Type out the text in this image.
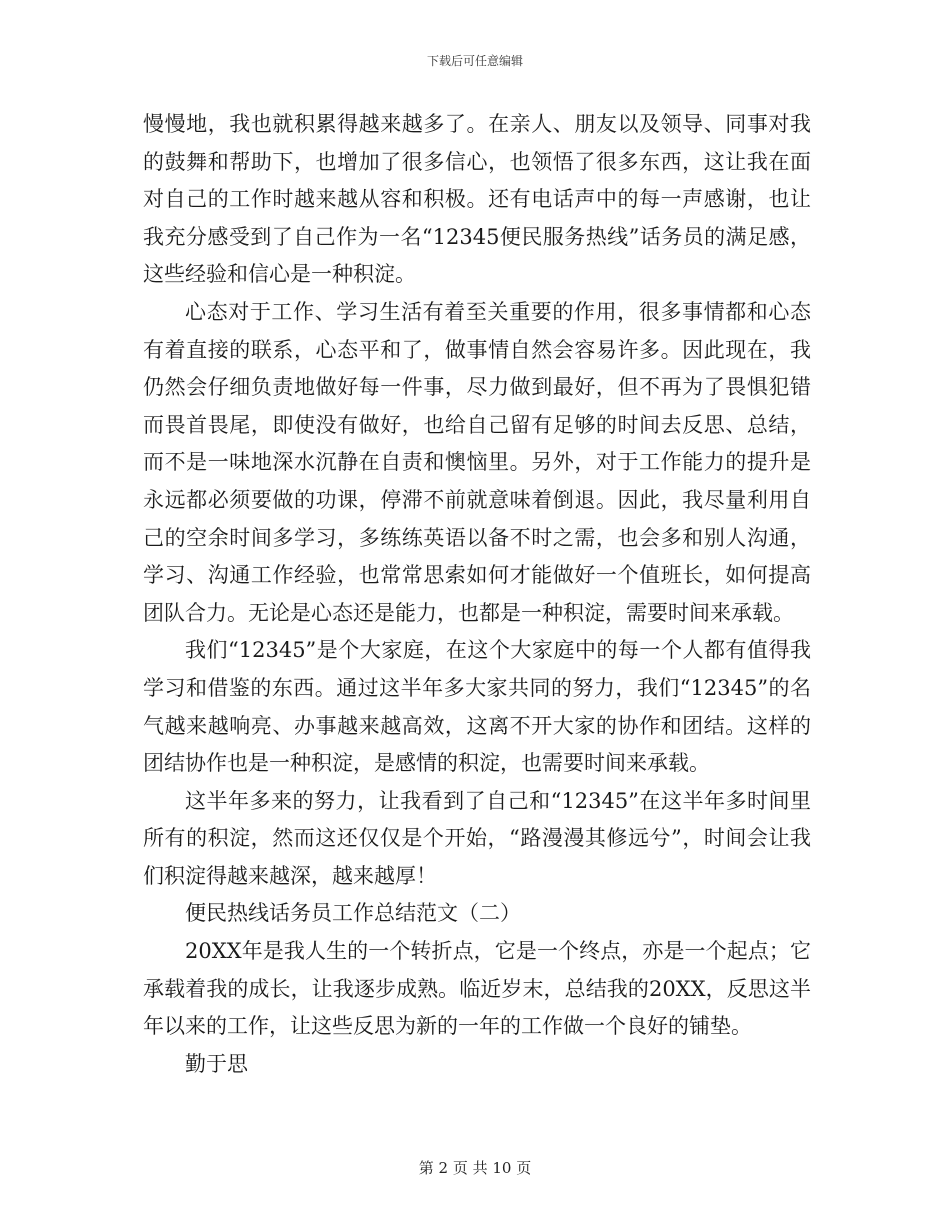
下载后可任意编辑

慢慢地，我也就积累得越来越多了。在亲人、朋友以及领导、同事对我的鼓舞和帮助下，也增加了很多信心，也领悟了很多东西，这让我在面对自己的工作时越来越从容和积极。还有电话声中的每一声感谢，也让我充分感受到了自己作为一名“12345便民服务热线”话务员的满足感，这些经验和信心是一种积淀。

心态对于工作、学习生活有着至关重要的作用，很多事情都和心态有着直接的联系，心态平和了，做事情自然会容易许多。因此现在，我仍然会仔细负责地做好每一件事，尽力做到最好，但不再为了畏惧犯错而畏首畏尾，即使没有做好，也给自己留有足够的时间去反思、总结，而不是一味地深水沉静在自责和懊恼里。另外，对于工作能力的提升是永远都必须要做的功课，停滞不前就意味着倒退。因此，我尽量利用自己的空余时间多学习，多练练英语以备不时之需，也会多和别人沟通，学习、沟通工作经验，也常常思索如何才能做好一个值班长，如何提高团队合力。无论是心态还是能力，也都是一种积淀，需要时间来承载。

我们“12345”是个大家庭，在这个大家庭中的每一个人都有值得我学习和借鉴的东西。通过这半年多大家共同的努力，我们“12345”的名气越来越响亮、办事越来越高效，这离不开大家的协作和团结。这样的团结协作也是一种积淀，是感情的积淀，也需要时间来承载。

这半年多来的努力，让我看到了自己和“12345”在这半年多时间里所有的积淀，然而这还仅仅是个开始，“路漫漫其修远兮”，时间会让我们积淀得越来越深，越来越厚！

便民热线话务员工作总结范文（二）

20XX年是我人生的一个转折点，它是一个终点，亦是一个起点；它承载着我的成长，让我逐步成熟。临近岁末，总结我的20XX，反思这半年以来的工作，让这些反思为新的一年的工作做一个良好的铺垫。

勤于思

第 2 页 共 10 页
